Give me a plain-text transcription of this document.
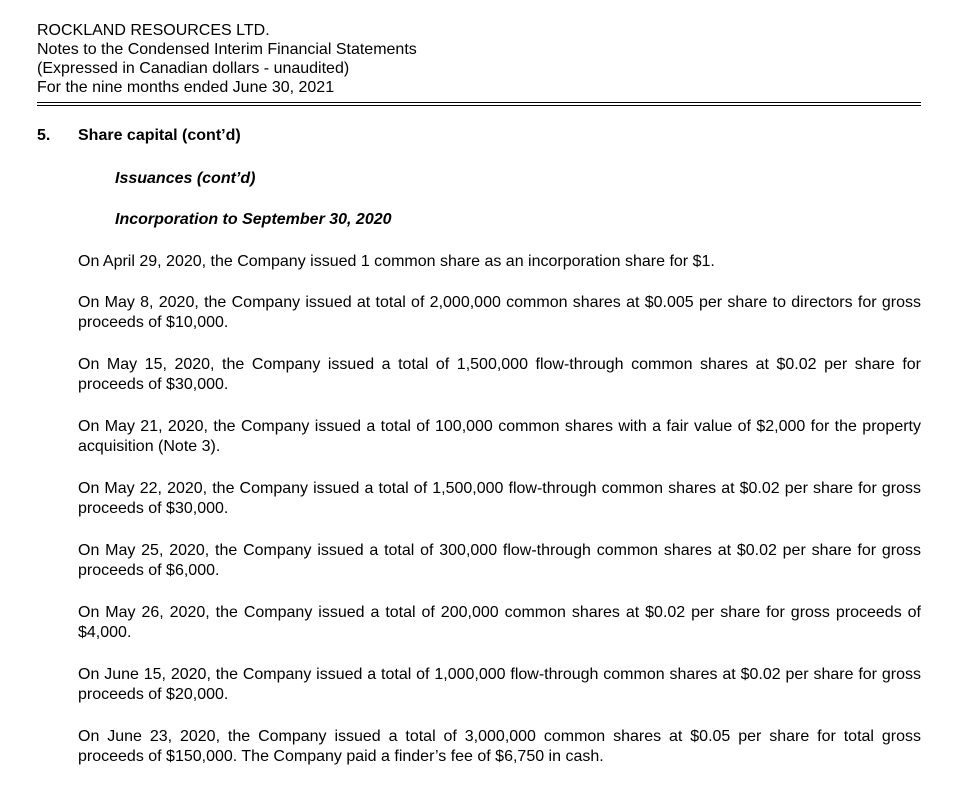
ROCKLAND RESOURCES LTD.
Notes to the Condensed Interim Financial Statements
(Expressed in Canadian dollars - unaudited)
For the nine months ended June 30, 2021
5. Share capital (cont’d)
Issuances (cont’d)
Incorporation to September 30, 2020
On April 29, 2020, the Company issued 1 common share as an incorporation share for $1.
On May 8, 2020, the Company issued at total of 2,000,000 common shares at $0.005 per share to directors for gross proceeds of $10,000.
On May 15, 2020, the Company issued a total of 1,500,000 flow-through common shares at $0.02 per share for proceeds of $30,000.
On May 21, 2020, the Company issued a total of 100,000 common shares with a fair value of $2,000 for the property acquisition (Note 3).
On May 22, 2020, the Company issued a total of 1,500,000 flow-through common shares at $0.02 per share for gross proceeds of $30,000.
On May 25, 2020, the Company issued a total of 300,000 flow-through common shares at $0.02 per share for gross proceeds of $6,000.
On May 26, 2020, the Company issued a total of 200,000 common shares at $0.02 per share for gross proceeds of $4,000.
On June 15, 2020, the Company issued a total of 1,000,000 flow-through common shares at $0.02 per share for gross proceeds of $20,000.
On June 23, 2020, the Company issued a total of 3,000,000 common shares at $0.05 per share for total gross proceeds of $150,000. The Company paid a finder’s fee of $6,750 in cash.
